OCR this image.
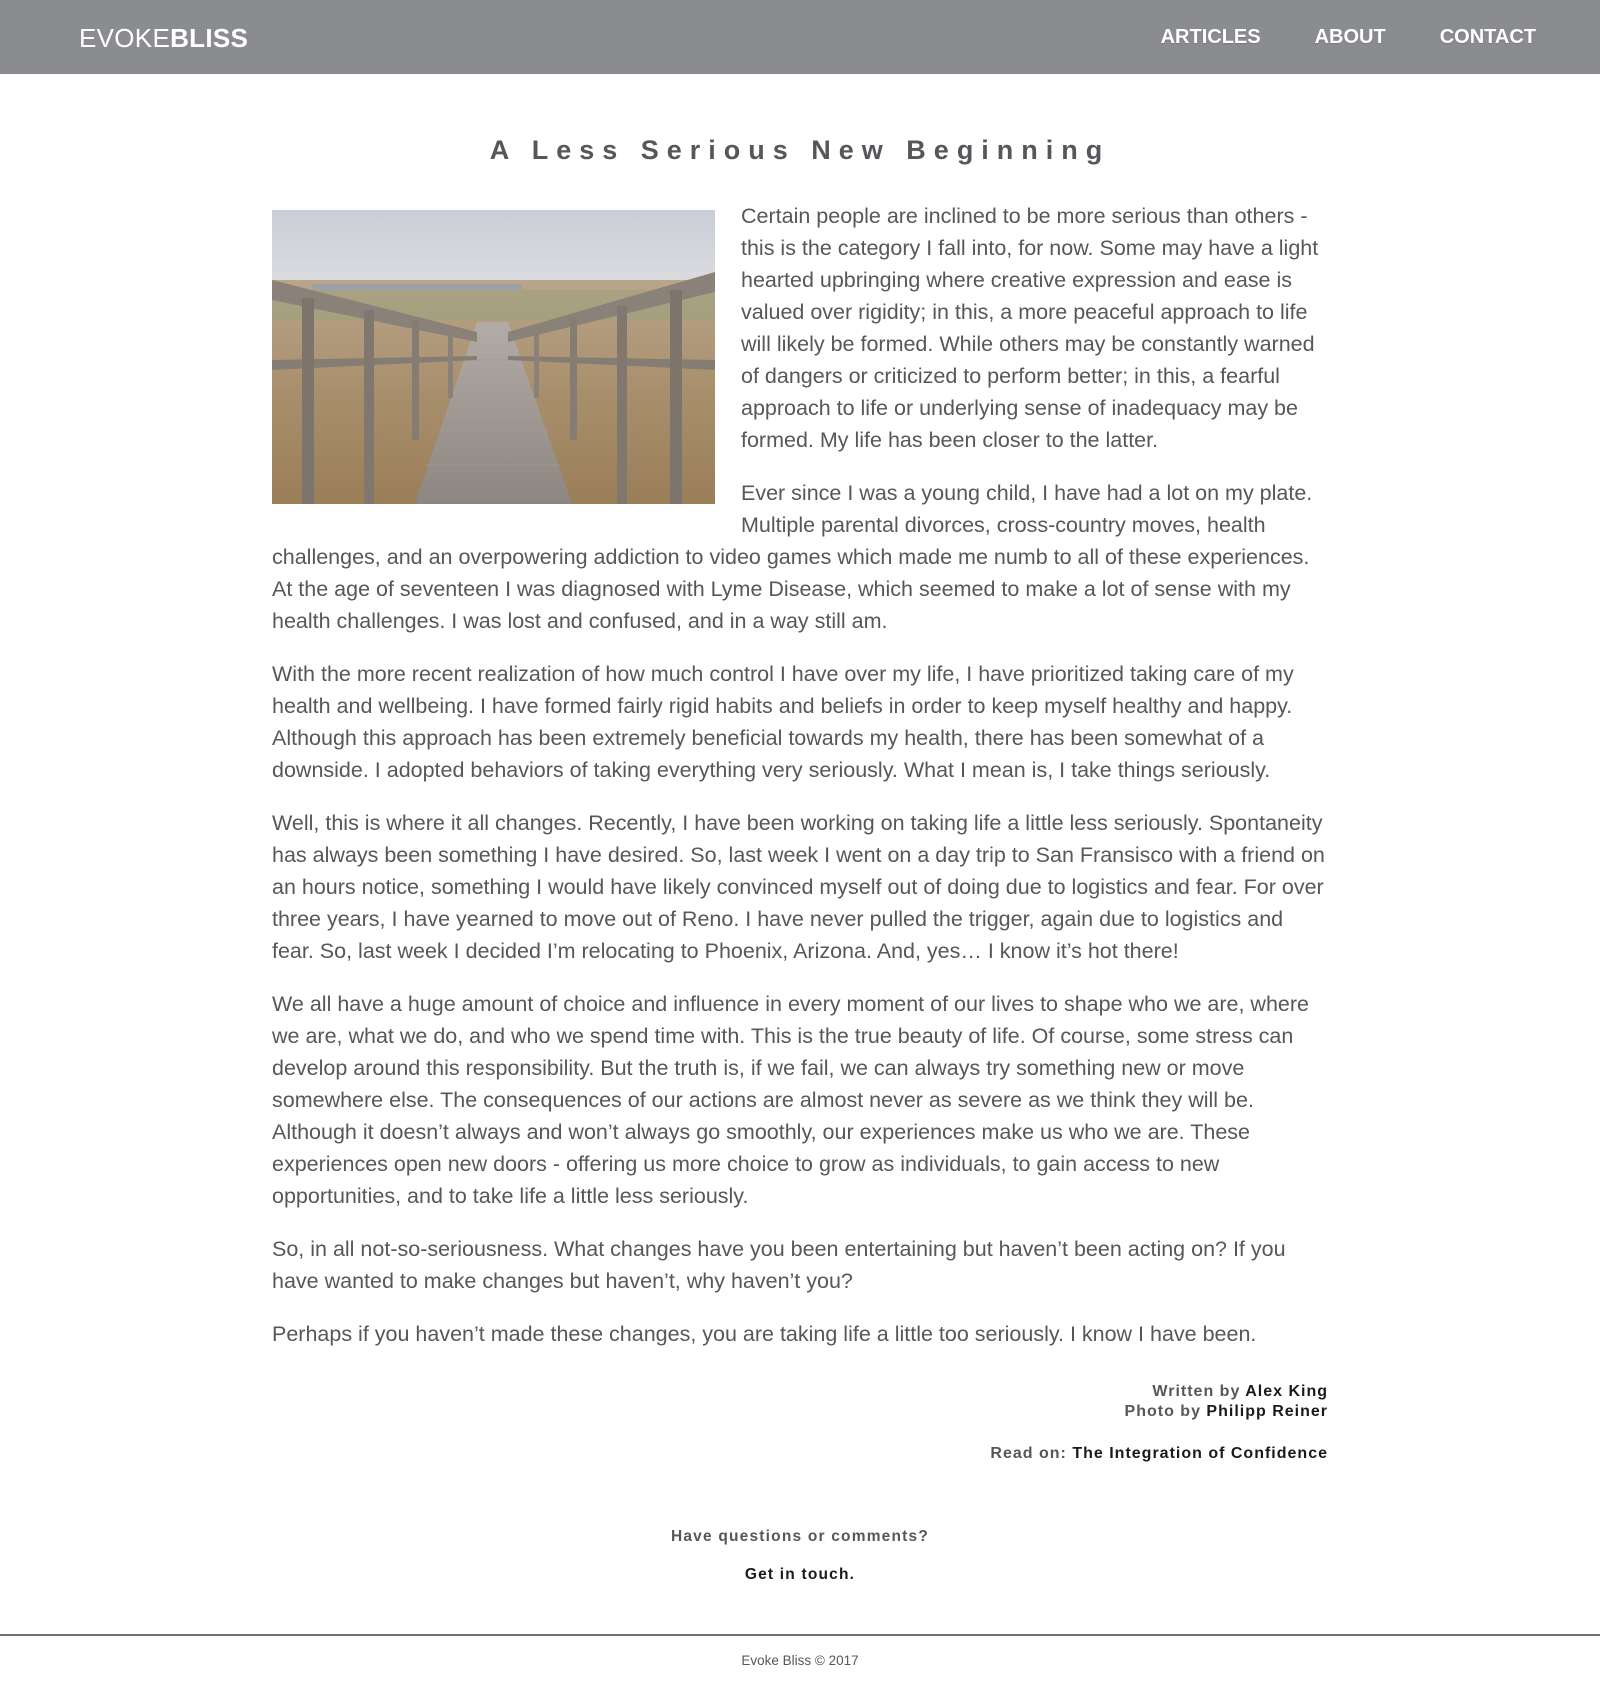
EVOKEBLISS	ARTICLES	ABOUT	CONTACT
A Less Serious New Beginning

Certain people are inclined to be more serious than others - this is the category I fall into, for now. Some may have a light hearted upbringing where creative expression and ease is valued over rigidity; in this, a more peaceful approach to life will likely be formed. While others may be constantly warned of dangers or criticized to perform better; in this, a fearful approach to life or underlying sense of inadequacy may be formed. My life has been closer to the latter.

Ever since I was a young child, I have had a lot on my plate. Multiple parental divorces, cross-country moves, health challenges, and an overpowering addiction to video games which made me numb to all of these experiences. At the age of seventeen I was diagnosed with Lyme Disease, which seemed to make a lot of sense with my health challenges. I was lost and confused, and in a way still am.

With the more recent realization of how much control I have over my life, I have prioritized taking care of my health and wellbeing. I have formed fairly rigid habits and beliefs in order to keep myself healthy and happy. Although this approach has been extremely beneficial towards my health, there has been somewhat of a downside. I adopted behaviors of taking everything very seriously. What I mean is, I take things seriously.

Well, this is where it all changes. Recently, I have been working on taking life a little less seriously. Spontaneity has always been something I have desired. So, last week I went on a day trip to San Fransisco with a friend on an hours notice, something I would have likely convinced myself out of doing due to logistics and fear. For over three years, I have yearned to move out of Reno. I have never pulled the trigger, again due to logistics and fear. So, last week I decided I’m relocating to Phoenix, Arizona. And, yes… I know it’s hot there!

We all have a huge amount of choice and influence in every moment of our lives to shape who we are, where we are, what we do, and who we spend time with. This is the true beauty of life. Of course, some stress can develop around this responsibility. But the truth is, if we fail, we can always try something new or move somewhere else. The consequences of our actions are almost never as severe as we think they will be. Although it doesn’t always and won’t always go smoothly, our experiences make us who we are. These experiences open new doors - offering us more choice to grow as individuals, to gain access to new opportunities, and to take life a little less seriously.

So, in all not-so-seriousness. What changes have you been entertaining but haven’t been acting on? If you have wanted to make changes but haven’t, why haven’t you?

Perhaps if you haven’t made these changes, you are taking life a little too seriously. I know I have been.

Written by Alex King
Photo by Philipp Reiner
Read on: The Integration of Confidence
Have questions or comments?
Get in touch.
Evoke Bliss © 2017
